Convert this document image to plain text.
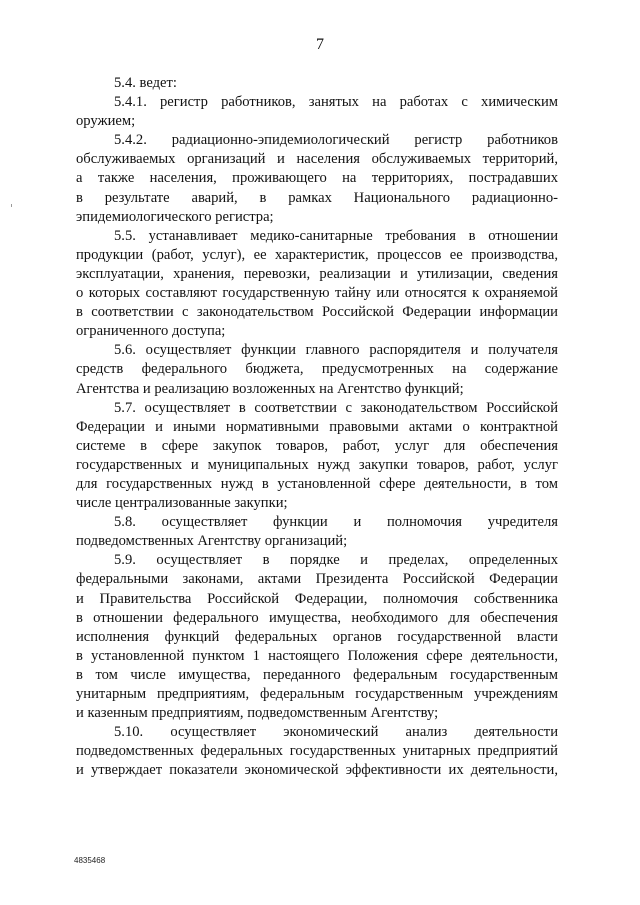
7
5.4. ведет:
5.4.1. регистр работников, занятых на работах с химическим
оружием;
5.4.2. радиационно-эпидемиологический регистр работников
обслуживаемых организаций и населения обслуживаемых территорий,
а также населения, проживающего на территориях, пострадавших
в результате аварий, в рамках Национального радиационно-
эпидемиологического регистра;
5.5. устанавливает медико-санитарные требования в отношении
продукции (работ, услуг), ее характеристик, процессов ее производства,
эксплуатации, хранения, перевозки, реализации и утилизации, сведения
о которых составляют государственную тайну или относятся к охраняемой
в соответствии с законодательством Российской Федерации информации
ограниченного доступа;
5.6. осуществляет функции главного распорядителя и получателя
средств федерального бюджета, предусмотренных на содержание
Агентства и реализацию возложенных на Агентство функций;
5.7. осуществляет в соответствии с законодательством Российской
Федерации и иными нормативными правовыми актами о контрактной
системе в сфере закупок товаров, работ, услуг для обеспечения
государственных и муниципальных нужд закупки товаров, работ, услуг
для государственных нужд в установленной сфере деятельности, в том
числе централизованные закупки;
5.8. осуществляет функции и полномочия учредителя
подведомственных Агентству организаций;
5.9. осуществляет в порядке и пределах, определенных
федеральными законами, актами Президента Российской Федерации
и Правительства Российской Федерации, полномочия собственника
в отношении федерального имущества, необходимого для обеспечения
исполнения функций федеральных органов государственной власти
в установленной пунктом 1 настоящего Положения сфере деятельности,
в том числе имущества, переданного федеральным государственным
унитарным предприятиям, федеральным государственным учреждениям
и казенным предприятиям, подведомственным Агентству;
5.10. осуществляет экономический анализ деятельности
подведомственных федеральных государственных унитарных предприятий
и утверждает показатели экономической эффективности их деятельности,
4835468
